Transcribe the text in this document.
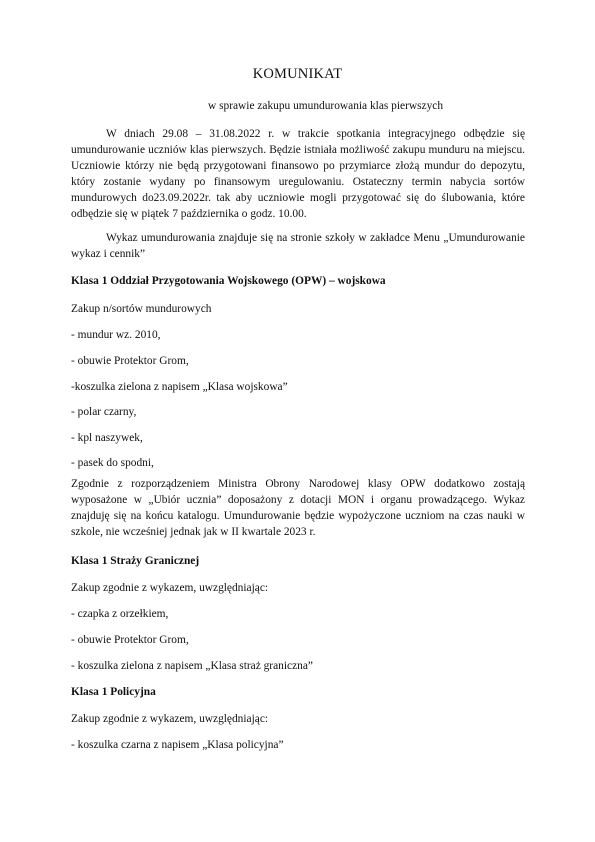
KOMUNIKAT
w sprawie zakupu umundurowania klas pierwszych
W dniach 29.08 – 31.08.2022 r. w trakcie spotkania integracyjnego odbędzie się umundurowanie uczniów klas pierwszych. Będzie istniała możliwość zakupu munduru na miejscu. Uczniowie którzy nie będą przygotowani finansowo po przymiarce złożą mundur do depozytu, który zostanie wydany po finansowym uregulowaniu. Ostateczny termin nabycia sortów mundurowych do23.09.2022r. tak aby uczniowie mogli przygotować się do ślubowania, które odbędzie się w piątek 7 października o godz. 10.00.
Wykaz umundurowania znajduje się na stronie szkoły w zakładce Menu „Umundurowanie wykaz i cennik”
Klasa 1 Oddział Przygotowania Wojskowego (OPW) – wojskowa
Zakup n/sortów mundurowych
- mundur wz. 2010,
- obuwie Protektor Grom,
-koszulka zielona z napisem „Klasa wojskowa”
- polar czarny,
- kpl naszywek,
- pasek do spodni,
Zgodnie z rozporządzeniem Ministra Obrony Narodowej klasy OPW dodatkowo zostają wyposażone w „Ubiór ucznia” doposażony z dotacji MON i organu prowadzącego. Wykaz znajduję się na końcu katalogu. Umundurowanie będzie wypożyczone uczniom na czas nauki w szkole, nie wcześniej jednak jak w II kwartale 2023 r.
Klasa 1 Straży Granicznej
Zakup zgodnie z wykazem, uwzględniając:
- czapka z orzełkiem,
- obuwie Protektor Grom,
- koszulka zielona z napisem „Klasa straż graniczna”
Klasa 1 Policyjna
Zakup zgodnie z wykazem, uwzględniając:
- koszulka czarna z napisem „Klasa policyjna”
